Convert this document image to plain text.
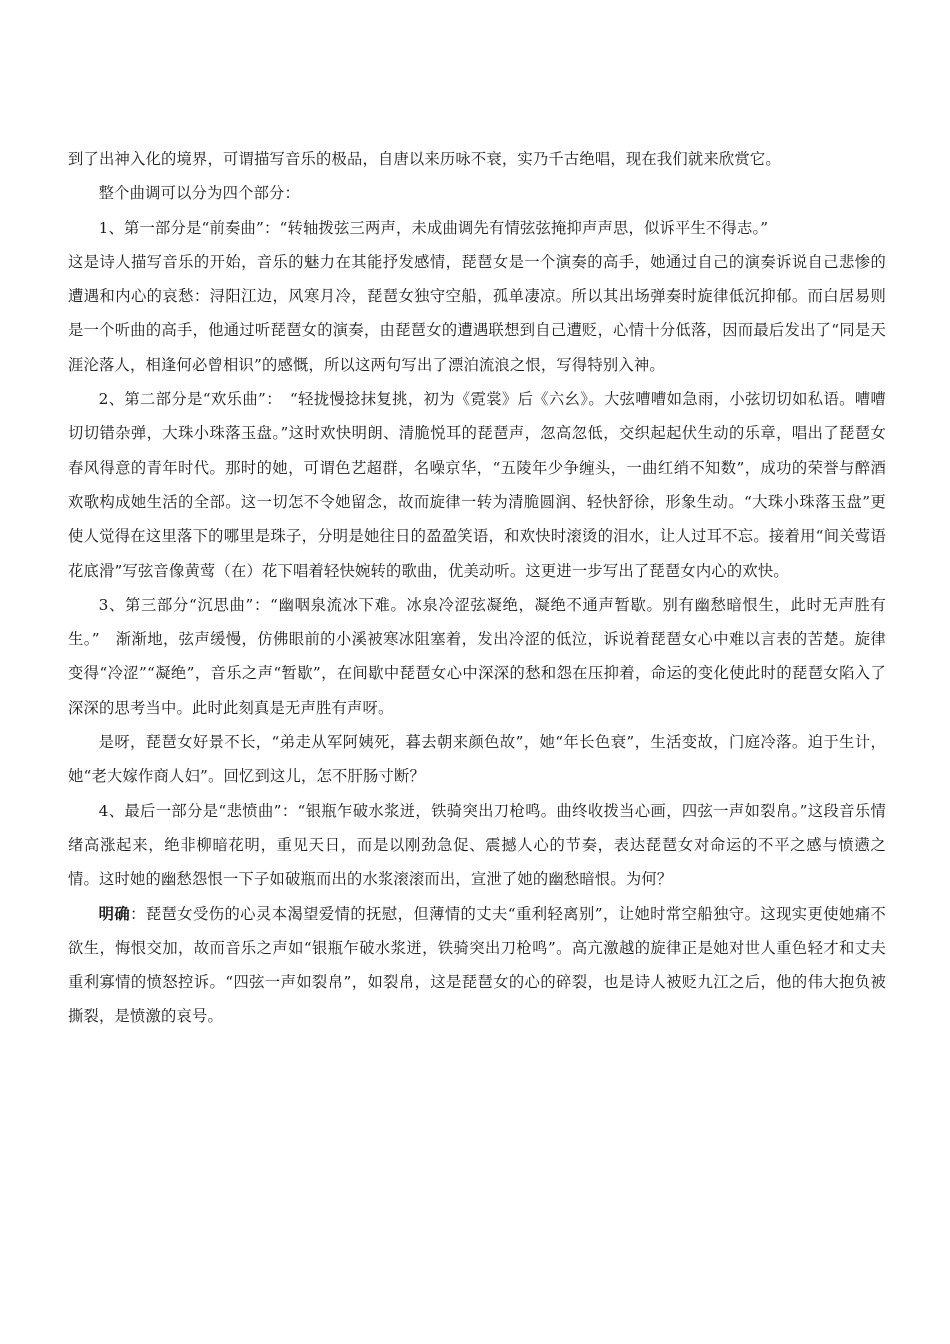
到了出神入化的境界，可谓描写音乐的极品，自唐以来历咏不衰，实乃千古绝唱，现在我们就来欣赏它。

整个曲调可以分为四个部分：

1、第一部分是“前奏曲”：“转轴拨弦三两声，未成曲调先有情弦弦掩抑声声思，似诉平生不得志。”

这是诗人描写音乐的开始，音乐的魅力在其能抒发感情，琵琶女是一个演奏的高手，她通过自己的演奏诉说自己悲惨的遭遇和内心的哀愁：浔阳江边，风寒月冷，琵琶女独守空船，孤单凄凉。所以其出场弹奏时旋律低沉抑郁。而白居易则是一个听曲的高手，他通过听琵琶女的演奏，由琵琶女的遭遇联想到自己遭贬，心情十分低落，因而最后发出了“同是天涯沦落人，相逢何必曾相识”的感慨，所以这两句写出了漂泊流浪之恨，写得特别入神。

2、第二部分是“欢乐曲”：　“轻拢慢捻抹复挑，初为《霓裳》后《六幺》。大弦嘈嘈如急雨，小弦切切如私语。嘈嘈切切错杂弹，大珠小珠落玉盘。”这时欢快明朗、清脆悦耳的琵琶声，忽高忽低，交织起起伏生动的乐章，唱出了琵琶女春风得意的青年时代。那时的她，可谓色艺超群，名噪京华，“五陵年少争缠头，一曲红绡不知数”，成功的荣誉与醉酒欢歌构成她生活的全部。这一切怎不令她留念，故而旋律一转为清脆圆润、轻快舒徐，形象生动。“大珠小珠落玉盘”更使人觉得在这里落下的哪里是珠子，分明是她往日的盈盈笑语，和欢快时滚烫的泪水，让人过耳不忘。接着用“间关莺语花底滑”写弦音像黄莺（在）花下唱着轻快婉转的歌曲，优美动听。这更进一步写出了琵琶女内心的欢快。

3、第三部分“沉思曲”：“幽咽泉流冰下难。冰泉冷涩弦凝绝，凝绝不通声暂歇。别有幽愁暗恨生，此时无声胜有生。”　渐渐地，弦声缓慢，仿佛眼前的小溪被寒冰阻塞着，发出冷涩的低泣，诉说着琵琶女心中难以言表的苦楚。旋律变得“冷涩”“凝绝”，音乐之声“暂歇”，在间歇中琵琶女心中深深的愁和怨在压抑着，命运的变化使此时的琵琶女陷入了深深的思考当中。此时此刻真是无声胜有声呀。

是呀，琵琶女好景不长，“弟走从军阿姨死，暮去朝来颜色故”，她“年长色衰”，生活变故，门庭冷落。迫于生计，她“老大嫁作商人妇”。回忆到这儿，怎不肝肠寸断？

4、最后一部分是“悲愤曲”：“银瓶乍破水浆迸，铁骑突出刀枪鸣。曲终收拨当心画，四弦一声如裂帛。”这段音乐情绪高涨起来，绝非柳暗花明，重见天日，而是以刚劲急促、震撼人心的节奏，表达琵琶女对命运的不平之感与愤懑之情。这时她的幽愁怨恨一下子如破瓶而出的水浆滚滚而出，宣泄了她的幽愁暗恨。为何？

明确：琵琶女受伤的心灵本渴望爱情的抚慰，但薄情的丈夫“重利轻离别”，让她时常空船独守。这现实更使她痛不欲生，悔恨交加，故而音乐之声如“银瓶乍破水浆迸，铁骑突出刀枪鸣”。高亢激越的旋律正是她对世人重色轻才和丈夫重利寡情的愤怒控诉。“四弦一声如裂帛”，如裂帛，这是琵琶女的心的碎裂，也是诗人被贬九江之后，他的伟大抱负被撕裂，是愤激的哀号。
